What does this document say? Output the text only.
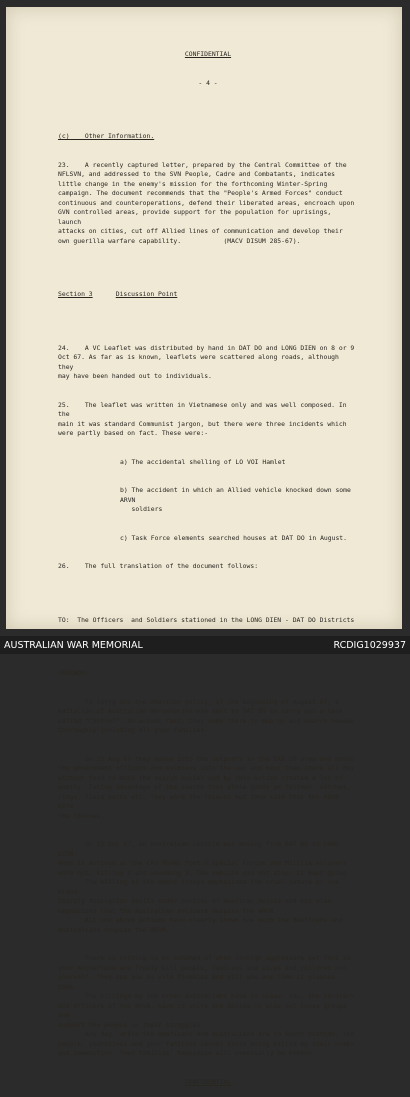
CONFIDENTIAL

- 4 -

(c)    Other Information.

23.    A recently captured letter, prepared by the Central Committee of the
NFLSVN, and addressed to the SVN People, Cadre and Combatants, indicates
little change in the enemy's mission for the forthcoming Winter-Spring
campaign. The document recommends that the "People's Armed Forces" conduct
continuous and counteroperations, defend their liberated areas, encroach upon
GVN controlled areas, provide support for the population for uprisings, launch
attacks on cities, cut off Allied lines of communication and develop their
own guerilla warfare capability.           (MACV DISUM 285-67).

Section 3
	Discussion Point

24.    A VC Leaflet was distributed by hand in DAT DO and LONG DIEN on 8 or 9
Oct 67. As far as is known, leaflets were scattered along roads, although they
may have been handed out to individuals.

25.    The leaflet was written in Vietnamese only and was well composed. In the
main it was standard Communist jargon, but there were three incidents which
were partly based on fact. These were:-

a) The accidental shelling of LO VOI Hamlet

b) The accident in which an Allied vehicle knocked down some ARVN
soldiers

c) Task Force elements searched houses at DAT DO in August.

26.    The full translation of the document follows:

TO:  The Officers  and Soldiers stationed in the LONG DIEN - DAT DO Districts

FRIENDS:

To carry out the American policy, at the beginning of August 67, a
battalion of Australian mercenaries was sent to DAT DO to carry out a task
called "Control". In actual fact, they came there to mop up and search houses
thoroughly including all your families.

On 25 Aug 67 they moved into the outposts in the DAT DO area and moved
the government officers and soldiers into the sun and kept them there all day
without food to make the search easier and by this action created a lot of
enmity. Taking advantage of the search they stole goods as follows: watches,
rings, field packs etc. They were the thieves but they said that the ARVN were
the thieves.

On 13 Sep 67, an Australian vehicle was moving from DAT DO to LONG DIEN.
When it arrived at the CAU NGANG Post 5 Special Forces and Militia soldiers
were hit, killing 2 and wounding 3. The vehicle did not stop, it kept going.
The killing of the above troops emphasizes the cruel nature of the blood-
thirsty Australian devils under control of American bosses and has also
emphasized that the Australian soldiers despise the ARVN.
All the above actions have clearly shown how much the Americans and
Australians despise the ARVN.

There is nothing to be ashamed of when foreign aggressors set foot in
your motherland and freely kill people, families and wives and children and
yourself. They see you as vile flunkies and kill you any time it pleases them.
The killings by the cruel Australians have to cease. You, the soldiers
and officers of the ARVN, have to unite and decide to wipe out those groups and
support the people in their struggles.
Any day, while the Americans and Australians are in South Vietnam, the
people, yourselves and your families cannot avoid being killed by their bombs
and ammunition. Your families' happiness will eventually be broken.

CONFIDENTIAL

AUSTRALIAN WAR MEMORIAL	RCDIG1029937
